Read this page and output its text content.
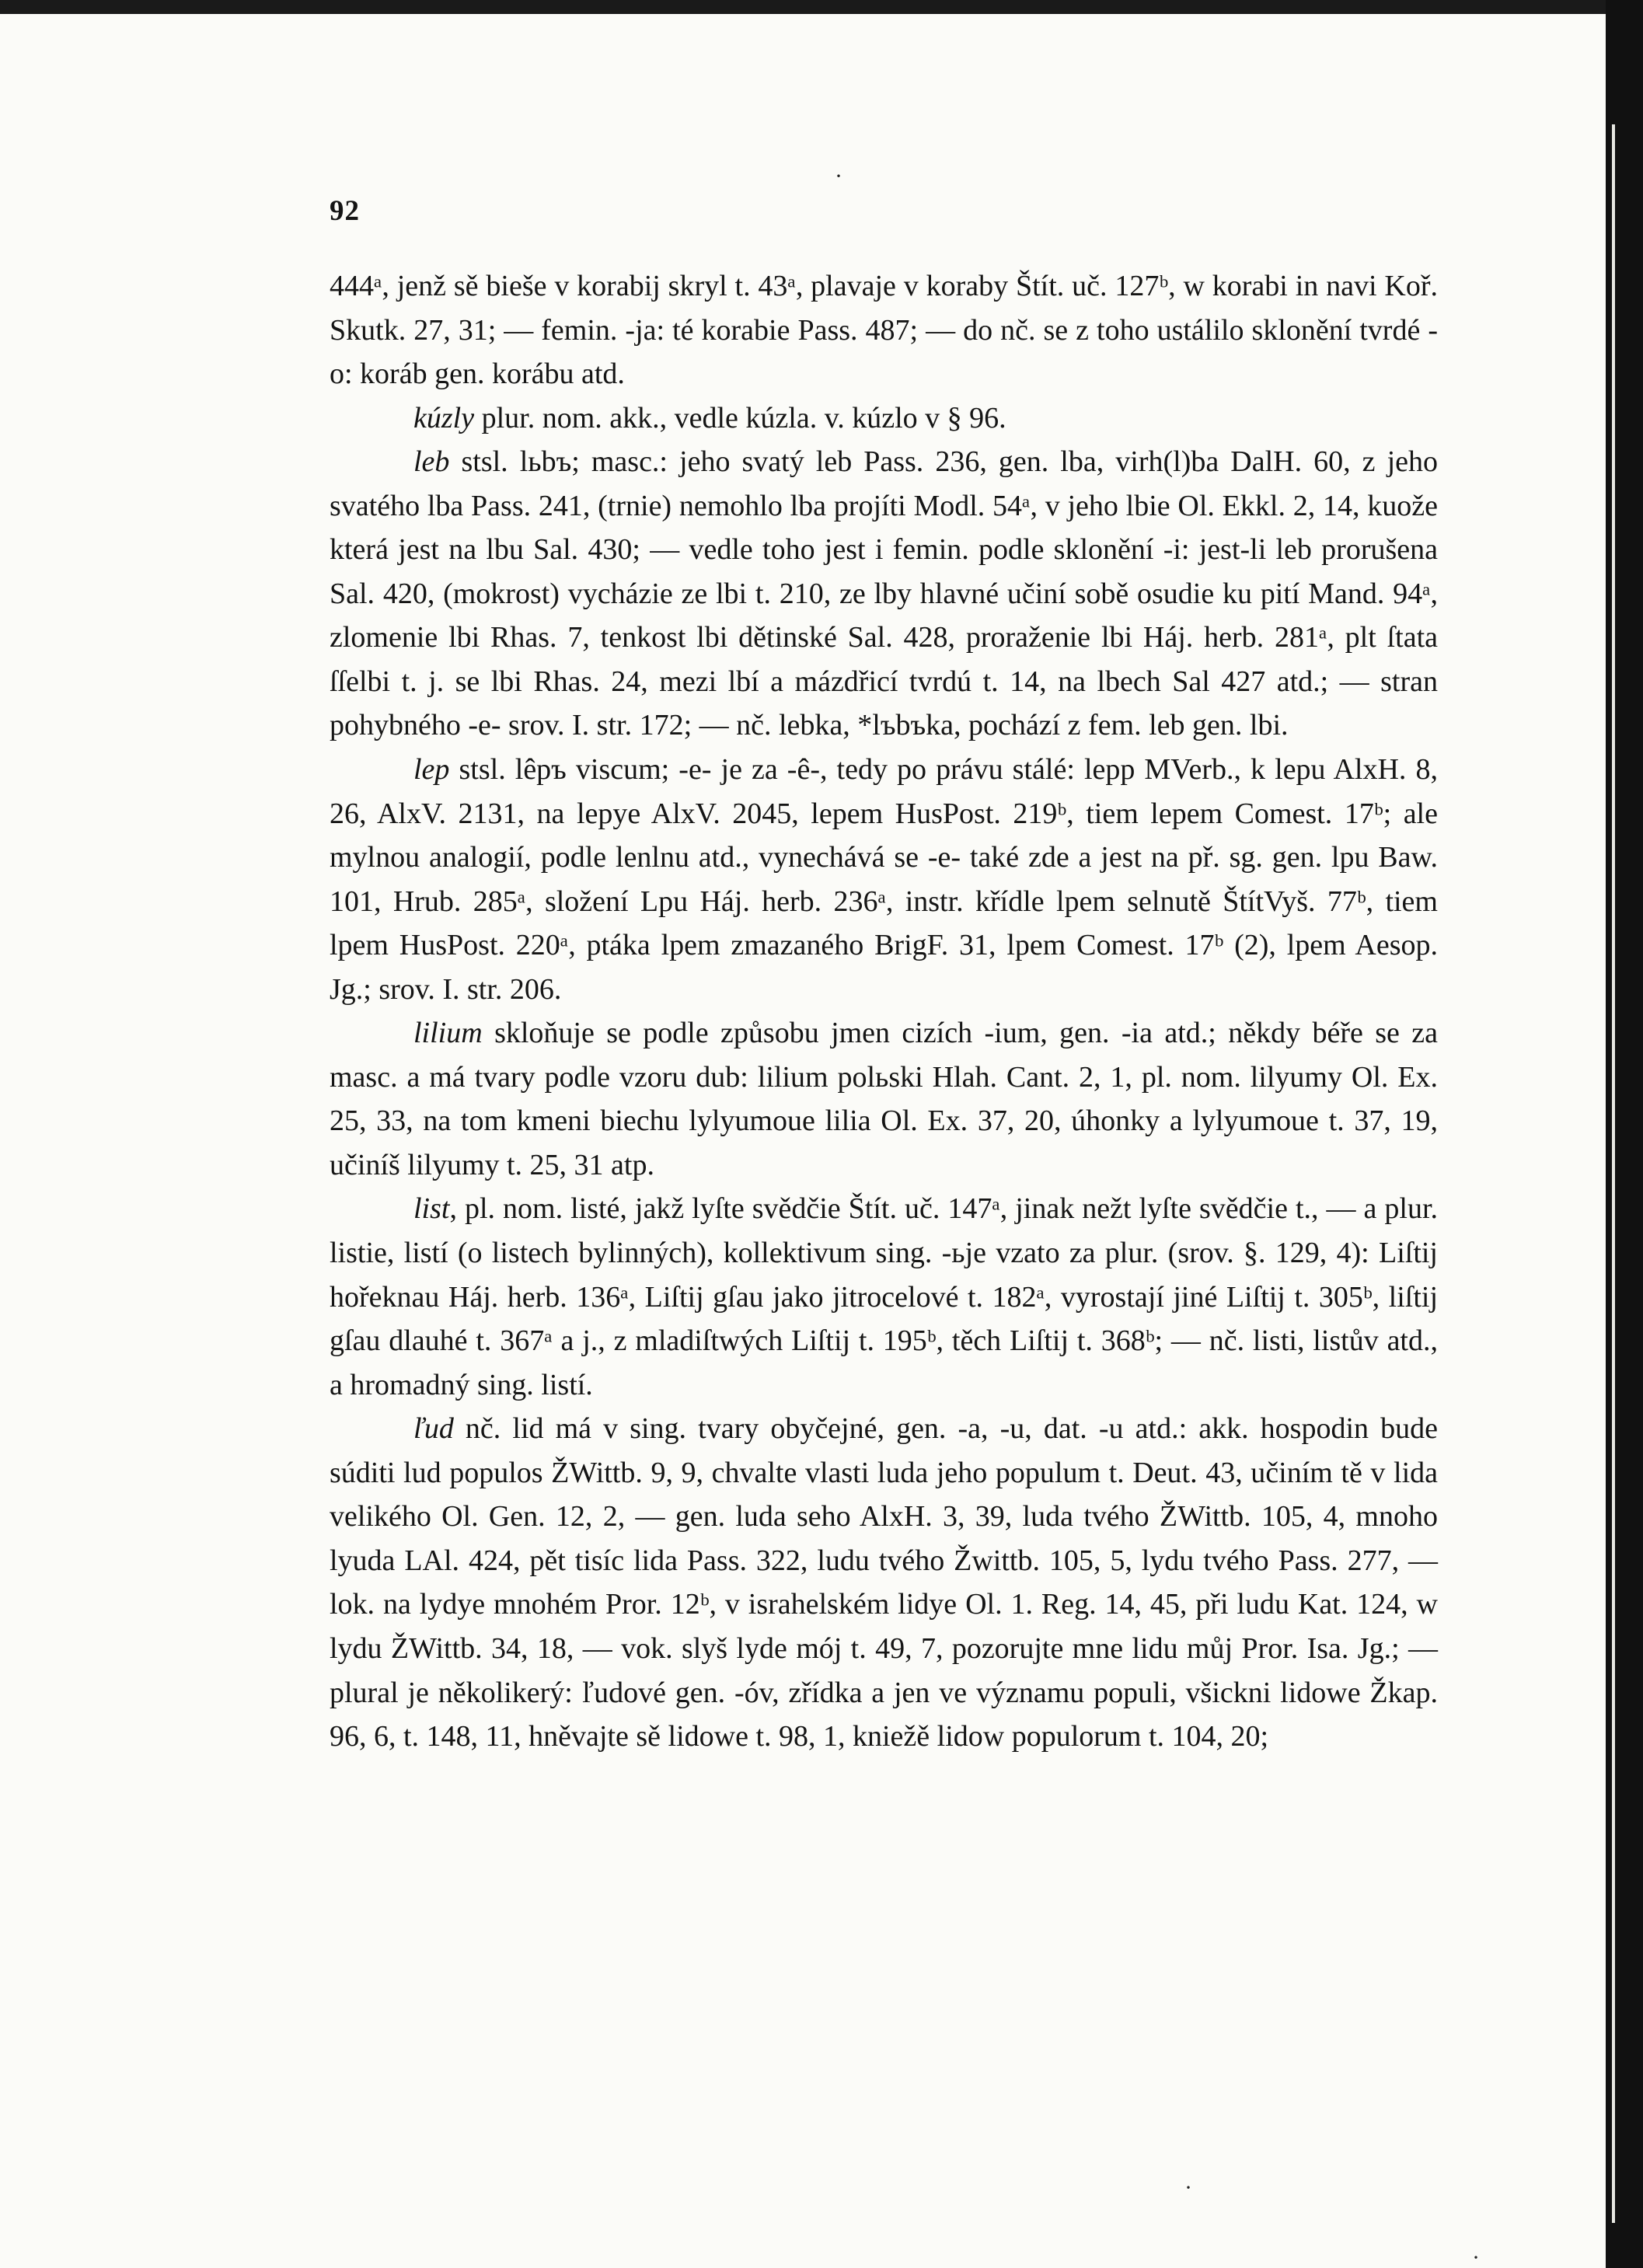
92

444ᵃ, jenž sě bieše v korabij skryl t. 43ᵃ, plavaje v koraby Štít. uč. 127ᵇ, w korabi in navi Koř. Skutk. 27, 31; — femin. -ja: té korabie Pass. 487; — do nč. se z toho ustálilo sklonění tvrdé -o: koráb gen. korábu atd.

kúzly plur. nom. akk., vedle kúzla. v. kúzlo v § 96.

leb stsl. lьbъ; masc.: jeho svatý leb Pass. 236, gen. lba, virh(l)ba DalH. 60, z jeho svatého lba Pass. 241, (trnie) nemohlo lba projíti Modl. 54ᵃ, v jeho lbie Ol. Ekkl. 2, 14, kuože která jest na lbu Sal. 430; — vedle toho jest i femin. podle sklonění -i: jest-li leb prorušena Sal. 420, (mokrost) vycházie ze lbi t. 210, ze lby hlavné učiní sobě osudie ku pití Mand. 94ᵃ, zlomenie lbi Rhas. 7, tenkost lbi dětinské Sal. 428, proraženie lbi Háj. herb. 281ᵃ, plt ſtata ſſelbi t. j. se lbi Rhas. 24, mezi lbí a mázdřicí tvrdú t. 14, na lbech Sal 427 atd.; — stran pohybného -e- srov. I. str. 172; — nč. lebka, *lъbъka, pochází z fem. leb gen. lbi.

lep stsl. lêpъ viscum; -e- je za -ê-, tedy po právu stálé: lepp MVerb., k lepu AlxH. 8, 26, AlxV. 2131, na lepye AlxV. 2045, lepem HusPost. 219ᵇ, tiem lepem Comest. 17ᵇ; ale mylnou analogií, podle lenlnu atd., vynechává se -e- také zde a jest na př. sg. gen. lpu Baw. 101, Hrub. 285ᵃ, složení Lpu Háj. herb. 236ᵃ, instr. křídle lpem selnutě ŠtítVyš. 77ᵇ, tiem lpem HusPost. 220ᵃ, ptáka lpem zmazaného BrigF. 31, lpem Comest. 17ᵇ (2), lpem Aesop. Jg.; srov. I. str. 206.

lilium skloňuje se podle způsobu jmen cizích -ium, gen. -ia atd.; někdy béře se za masc. a má tvary podle vzoru dub: lilium polьski Hlah. Cant. 2, 1, pl. nom. lilyumy Ol. Ex. 25, 33, na tom kmeni biechu lylyumoue lilia Ol. Ex. 37, 20, úhonky a lylyumoue t. 37, 19, učiníš lilyumy t. 25, 31 atp.

list, pl. nom. listé, jakž lyſte svědčie Štít. uč. 147ᵃ, jinak nežt lyſte svědčie t., — a plur. listie, listí (o listech bylinných), kollektivum sing. -ьje vzato za plur. (srov. §. 129, 4): Liſtij hořeknau Háj. herb. 136ᵃ, Liſtij gſau jako jitrocelové t. 182ᵃ, vyrostají jiné Liſtij t. 305ᵇ, liſtij gſau dlauhé t. 367ᵃ a j., z mladiſtwých Liſtij t. 195ᵇ, těch Liſtij t. 368ᵇ; — nč. listi, listův atd., a hromadný sing. listí.

ľud nč. lid má v sing. tvary obyčejné, gen. -a, -u, dat. -u atd.: akk. hospodin bude súditi lud populos ŽWittb. 9, 9, chvalte vlasti luda jeho populum t. Deut. 43, učiním tě v lida velikého Ol. Gen. 12, 2, — gen. luda seho AlxH. 3, 39, luda tvého ŽWittb. 105, 4, mnoho lyuda LAl. 424, pět tisíc lida Pass. 322, ludu tvého Žwittb. 105, 5, lydu tvého Pass. 277, — lok. na lydye mnohém Pror. 12ᵇ, v israhelském lidye Ol. 1. Reg. 14, 45, při ludu Kat. 124, w lydu ŽWittb. 34, 18, — vok. slyš lyde mój t. 49, 7, pozorujte mne lidu můj Pror. Isa. Jg.; — plural je několikerý: ľudové gen. -óv, zřídka a jen ve významu populi, všickni lidowe Žkap. 96, 6, t. 148, 11, hněvajte sě lidowe t. 98, 1, kniežě lidow populorum t. 104, 20;

·
·
·
